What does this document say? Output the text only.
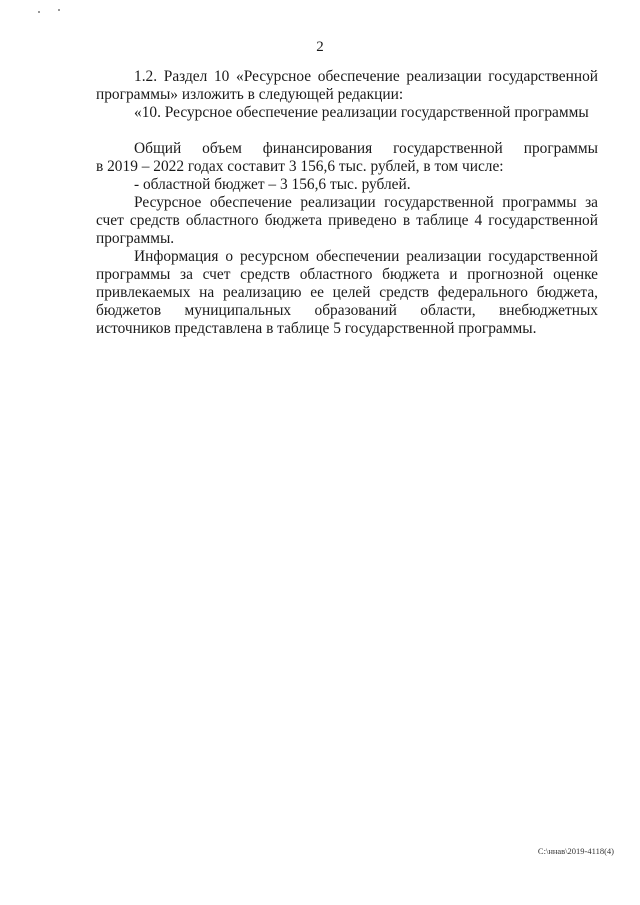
2

1.2. Раздел 10 «Ресурсное обеспечение реализации государственной
программы» изложить в следующей редакции:

«10. Ресурсное обеспечение реализации государственной программы

Общий объем финансирования государственной программы
в 2019 – 2022 годах составит 3 156,6 тыс. рублей, в том числе:

- областной бюджет – 3 156,6 тыс. рублей.

Ресурсное обеспечение реализации государственной программы за счет средств областного бюджета приведено в таблице 4 государственной программы.

Информация о ресурсном обеспечении реализации государственной программы за счет средств областного бюджета и прогнозной оценке привлекаемых на реализацию ее целей средств федерального бюджета, бюджетов муниципальных образований области, внебюджетных источников представлена в таблице 5 государственной программы.

С:\ннав\2019-4118(4)
